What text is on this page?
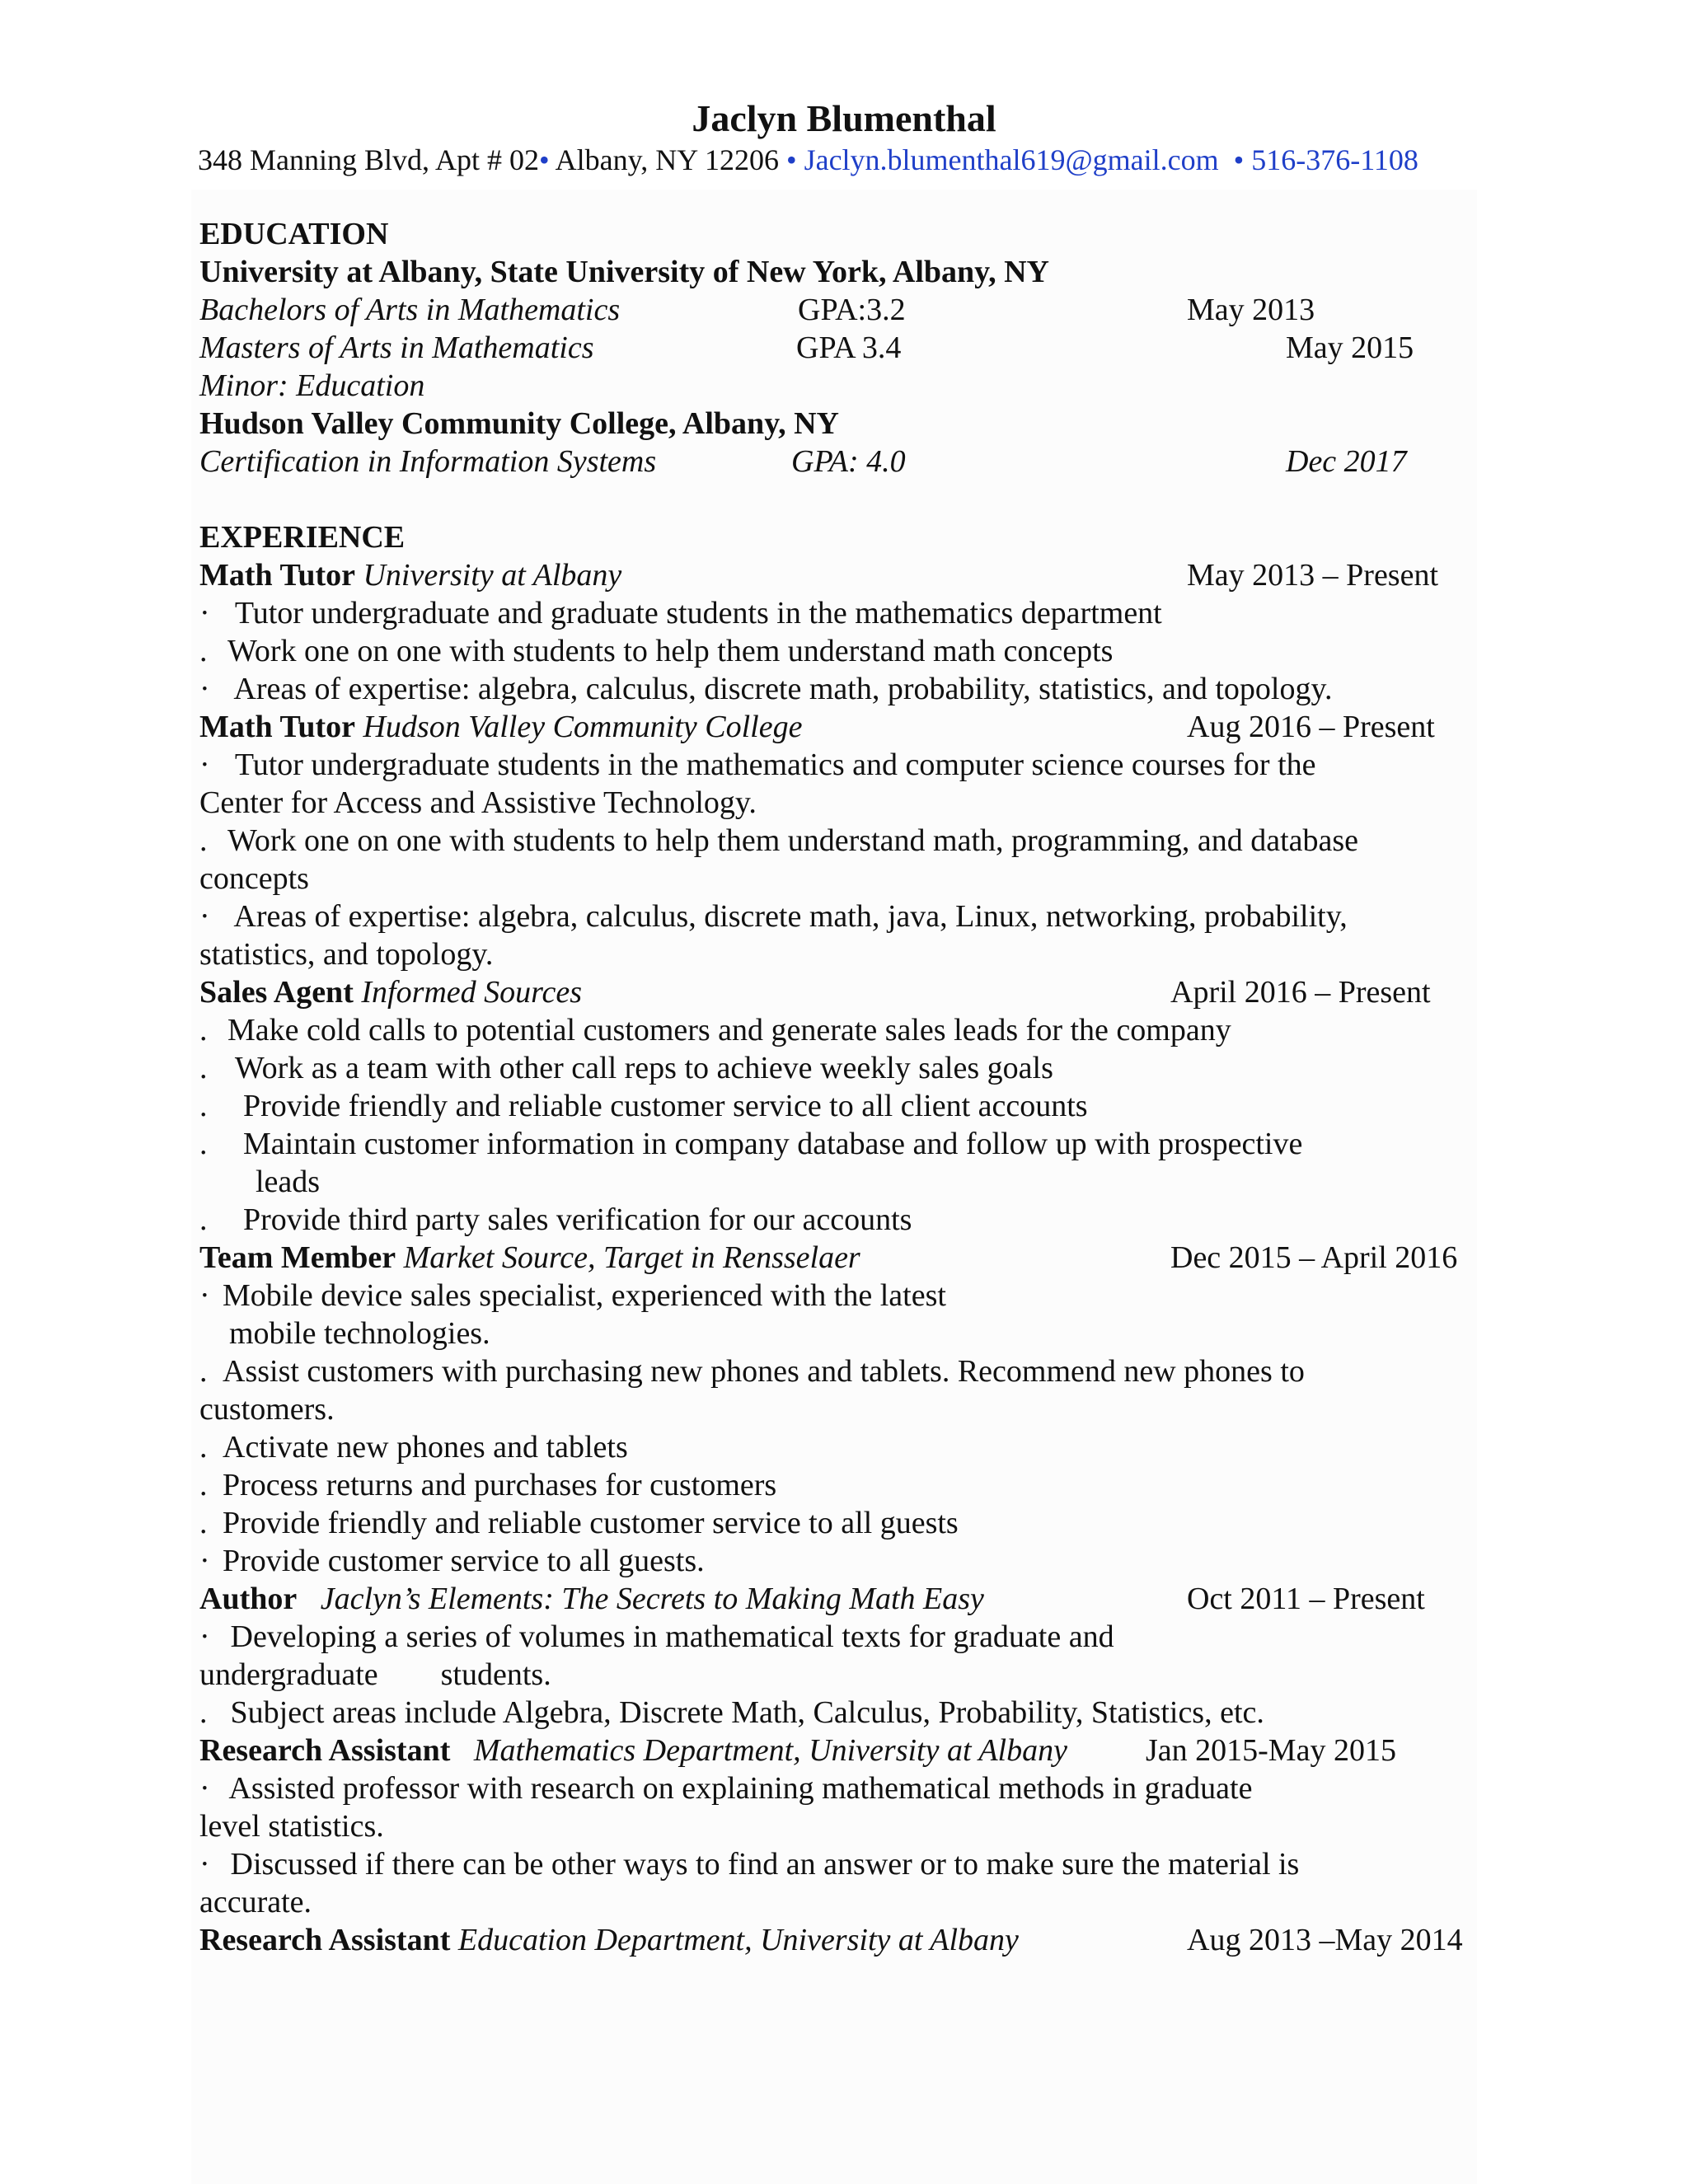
Jaclyn Blumenthal
348 Manning Blvd, Apt # 02• Albany, NY 12206 • Jaclyn.blumenthal619@gmail.com • 516-376-1108
EDUCATION
University at Albany, State University of New York, Albany, NY
Bachelors of Arts in Mathematics	GPA:3.2	May 2013
Masters of Arts in Mathematics	GPA 3.4	May 2015
Minor: Education
Hudson Valley Community College, Albany, NY
Certification in Information Systems	GPA: 4.0	Dec 2017
EXPERIENCE
Math Tutor University at Albany	May 2013 – Present
· Tutor undergraduate and graduate students in the mathematics department
. Work one on one with students to help them understand math concepts
· Areas of expertise: algebra, calculus, discrete math, probability, statistics, and topology.
Math Tutor Hudson Valley Community College	Aug 2016 – Present
· Tutor undergraduate students in the mathematics and computer science courses for the
Center for Access and Assistive Technology.
. Work one on one with students to help them understand math, programming, and database
concepts
· Areas of expertise: algebra, calculus, discrete math, java, Linux, networking, probability,
statistics, and topology.
Sales Agent Informed Sources	April 2016 – Present
. Make cold calls to potential customers and generate sales leads for the company
. Work as a team with other call reps to achieve weekly sales goals
. Provide friendly and reliable customer service to all client accounts
. Maintain customer information in company database and follow up with prospective
leads
. Provide third party sales verification for our accounts
Team Member Market Source, Target in Rensselaer	Dec 2015 – April 2016
· Mobile device sales specialist, experienced with the latest
mobile technologies.
. Assist customers with purchasing new phones and tablets. Recommend new phones to
customers.
. Activate new phones and tablets
. Process returns and purchases for customers
. Provide friendly and reliable customer service to all guests
· Provide customer service to all guests.
Author Jaclyn’s Elements: The Secrets to Making Math Easy	Oct 2011 – Present
· Developing a series of volumes in mathematical texts for graduate and
undergraduate        students.
. Subject areas include Algebra, Discrete Math, Calculus, Probability, Statistics, etc.
Research Assistant Mathematics Department, University at Albany	Jan 2015-May 2015
· Assisted professor with research on explaining mathematical methods in graduate
level statistics.
· Discussed if there can be other ways to find an answer or to make sure the material is
accurate.
Research Assistant Education Department, University at Albany	Aug 2013 –May 2014
